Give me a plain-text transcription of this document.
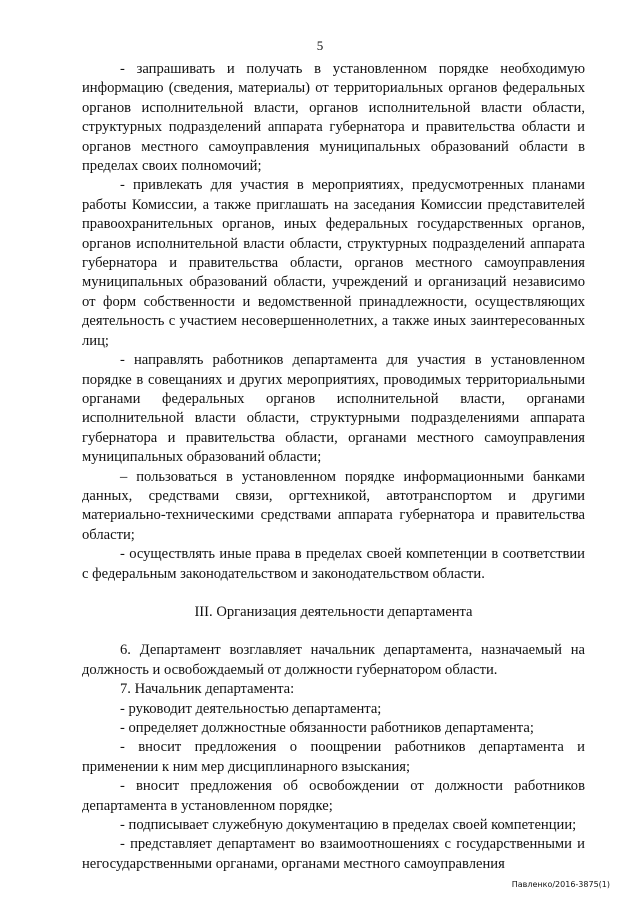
5

- запрашивать и получать в установленном порядке необходимую информацию (сведения, материалы) от территориальных органов федеральных органов исполнительной власти, органов исполнительной власти области, структурных подразделений аппарата губернатора и правительства области и органов местного самоуправления муниципальных образований области в пределах своих полномочий;

- привлекать для участия в мероприятиях, предусмотренных планами работы Комиссии, а также приглашать на заседания Комиссии представителей правоохранительных органов, иных федеральных государственных органов, органов исполнительной власти области, структурных подразделений аппарата губернатора и правительства области, органов местного самоуправления муниципальных образований области, учреждений и организаций независимо от форм собственности и ведомственной принадлежности, осуществляющих деятельность с участием несовершеннолетних, а также иных заинтересованных лиц;

- направлять работников департамента для участия в установленном порядке в совещаниях и других мероприятиях, проводимых территориальными органами федеральных органов исполнительной власти, органами исполнительной власти области, структурными подразделениями аппарата губернатора и правительства области, органами местного самоуправления муниципальных образований области;

– пользоваться в установленном порядке информационными банками данных, средствами связи, оргтехникой, автотранспортом и другими материально-техническими средствами аппарата губернатора и правительства области;

- осуществлять иные права в пределах своей компетенции в соответствии с федеральным законодательством и законодательством области.

III. Организация деятельности департамента

6. Департамент возглавляет начальник департамента, назначаемый на должность и освобождаемый от должности губернатором области.

7. Начальник департамента:

- руководит деятельностью департамента;

- определяет должностные обязанности работников департамента;

- вносит предложения о поощрении работников департамента и применении к ним мер дисциплинарного взыскания;

- вносит предложения об освобождении от должности работников департамента в установленном порядке;

- подписывает служебную документацию в пределах своей компетенции;

- представляет департамент во взаимоотношениях с государственными и негосударственными органами, органами местного самоуправления

Павленко/2016-3875(1)
